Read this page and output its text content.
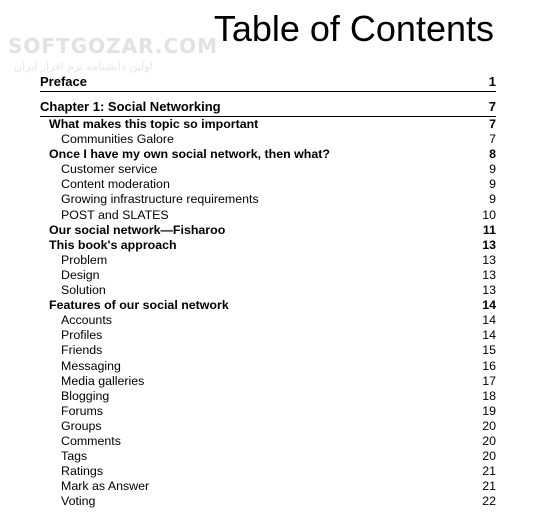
SOFTGOZAR.COM
اولین دانشنامه نرم افزار ایران
Table of Contents
Preface	1
Chapter 1: Social Networking	7
What makes this topic so important	7
Communities Galore	7
Once I have my own social network, then what?	8
Customer service	9
Content moderation	9
Growing infrastructure requirements	9
POST and SLATES	10
Our social network—Fisharoo	11
This book's approach	13
Problem	13
Design	13
Solution	13
Features of our social network	14
Accounts	14
Profiles	14
Friends	15
Messaging	16
Media galleries	17
Blogging	18
Forums	19
Groups	20
Comments	20
Tags	20
Ratings	21
Mark as Answer	21
Voting	22
